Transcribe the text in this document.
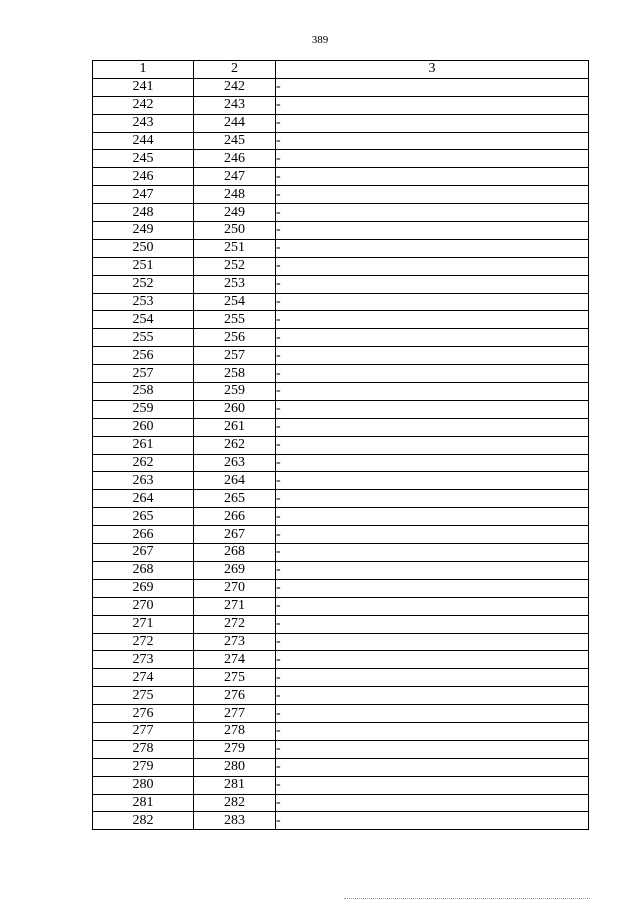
389
1	2	3
241	242	-
242	243	-
243	244	-
244	245	-
245	246	-
246	247	-
247	248	-
248	249	-
249	250	-
250	251	-
251	252	-
252	253	-
253	254	-
254	255	-
255	256	-
256	257	-
257	258	-
258	259	-
259	260	-
260	261	-
261	262	-
262	263	-
263	264	-
264	265	-
265	266	-
266	267	-
267	268	-
268	269	-
269	270	-
270	271	-
271	272	-
272	273	-
273	274	-
274	275	-
275	276	-
276	277	-
277	278	-
278	279	-
279	280	-
280	281	-
281	282	-
282	283	-
